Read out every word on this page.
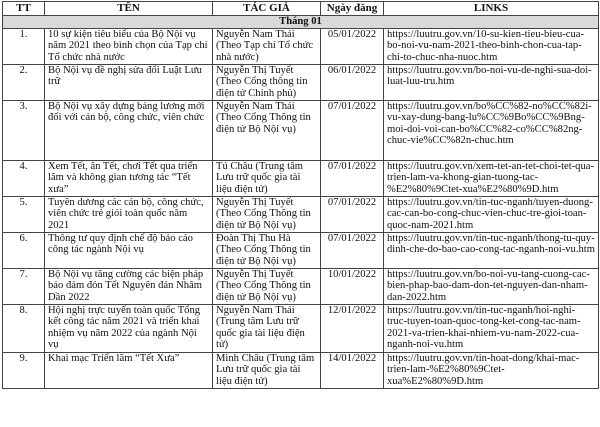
TT	TÊN	TÁC GIẢ	Ngày đăng	LINKS
Tháng 01				
1.	10 sự kiện tiêu biểu của Bộ Nội vụ năm 2021 theo bình chọn của Tạp chí Tổ chức nhà nước	Nguyễn Nam Thái (Theo Tạp chí Tổ chức nhà nước)	05/01/2022	https://luutru.gov.vn/10-su-kien-tieu-bieu-cua-bo-noi-vu-nam-2021-theo-binh-chon-cua-tap-chi-to-chuc-nha-nuoc.htm
2.	Bộ Nội vụ đề nghị sửa đổi Luật Lưu trữ	Nguyễn Thị Tuyết (Theo Cổng thông tin điện tử Chính phủ)	06/01/2022	https://luutru.gov.vn/bo-noi-vu-de-nghi-sua-doi-luat-luu-tru.htm
3.	Bộ Nội vụ xây dựng bảng lương mới đối với cán bộ, công chức, viên chức	Nguyễn Nam Thái (Theo Cổng Thông tin điện tử Bộ Nội vụ)	07/01/2022	https://luutru.gov.vn/bo%CC%82-no%CC%82i-vu-xay-dung-bang-lu%CC%9Bo%CC%9Bng-moi-doi-voi-can-bo%CC%82-co%CC%82ng-chuc-vie%CC%82n-chuc.htm
4.	Xem Tết, ăn Tết, chơi Tết qua triển lãm và không gian tương tác “Tết xưa”	Tú Châu (Trung tâm Lưu trữ quốc gia tài liệu điện tử)	07/01/2022	https://luutru.gov.vn/xem-tet-an-tet-choi-tet-qua-trien-lam-va-khong-gian-tuong-tac-%E2%80%9Ctet-xua%E2%80%9D.htm
5.	Tuyên dương các cán bộ, công chức, viên chức trẻ giỏi toàn quốc năm 2021	Nguyễn Thị Tuyết (Theo Cổng Thông tin điện tử Bộ Nội vụ)	07/01/2022	https://luutru.gov.vn/tin-tuc-nganh/tuyen-duong-cac-can-bo-cong-chuc-vien-chuc-tre-gioi-toan-quoc-nam-2021.htm
6.	Thông tư quy định chế độ báo cáo công tác ngành Nội vụ	Đoàn Thị Thu Hà (Theo Cổng Thông tin điện tử Bộ Nội vụ)	07/01/2022	https://luutru.gov.vn/tin-tuc-nganh/thong-tu-quy-dinh-che-do-bao-cao-cong-tac-nganh-noi-vu.htm
7.	Bộ Nội vụ tăng cường các biện pháp bảo đảm đón Tết Nguyên đán Nhâm Dần 2022	Nguyễn Thị Tuyết (Theo Cổng Thông tin điện tử Bộ Nội vụ)	10/01/2022	https://luutru.gov.vn/bo-noi-vu-tang-cuong-cac-bien-phap-bao-dam-don-tet-nguyen-dan-nham-dan-2022.htm
8.	Hội nghị trực tuyến toàn quốc Tổng kết công tác năm 2021 và triển khai nhiệm vụ năm 2022 của ngành Nội vụ	Nguyễn Nam Thái (Trung tâm Lưu trữ quốc gia tài liệu điện tử)	12/01/2022	https://luutru.gov.vn/tin-tuc-nganh/hoi-nghi-truc-tuyen-toan-quoc-tong-ket-cong-tac-nam-2021-va-trien-khai-nhiem-vu-nam-2022-cua-nganh-noi-vu.htm
9.	Khai mạc Triển lãm “Tết Xưa”	Minh Châu (Trung tâm Lưu trữ quốc gia tài liệu điện tử)	14/01/2022	https://luutru.gov.vn/tin-hoat-dong/khai-mac-trien-lam-%E2%80%9Ctet-xua%E2%80%9D.htm
